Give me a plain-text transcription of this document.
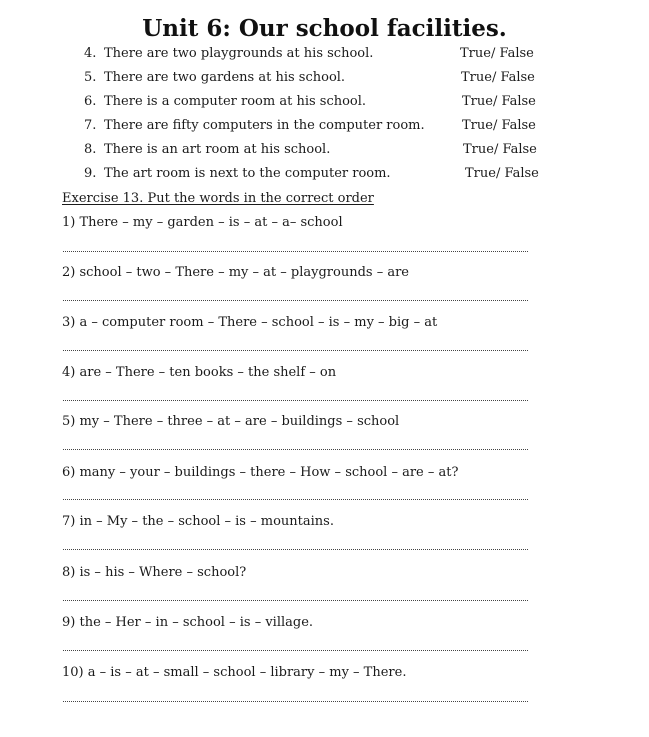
Unit 6: Our school facilities.
4. There are two playgrounds at his school.	True/ False
5. There are two gardens at his school.	True/ False
6. There is a computer room at his school.	True/ False
7. There are fifty computers in the computer room.	True/ False
8. There is an art room at his school.	True/ False
9. The art room is next to the computer room.	True/ False
Exercise 13. Put the words in the correct order
1) There – my – garden – is – at – a– school
2) school – two – There – my – at – playgrounds – are
3) a – computer room – There – school – is – my – big – at
4) are – There – ten books – the shelf – on
5) my – There – three – at – are – buildings – school
6) many – your – buildings – there – How – school – are – at?
7) in – My – the – school – is – mountains.
8) is – his – Where – school?
9) the – Her – in – school – is – village.
10) a – is – at – small – school – library – my – There.
